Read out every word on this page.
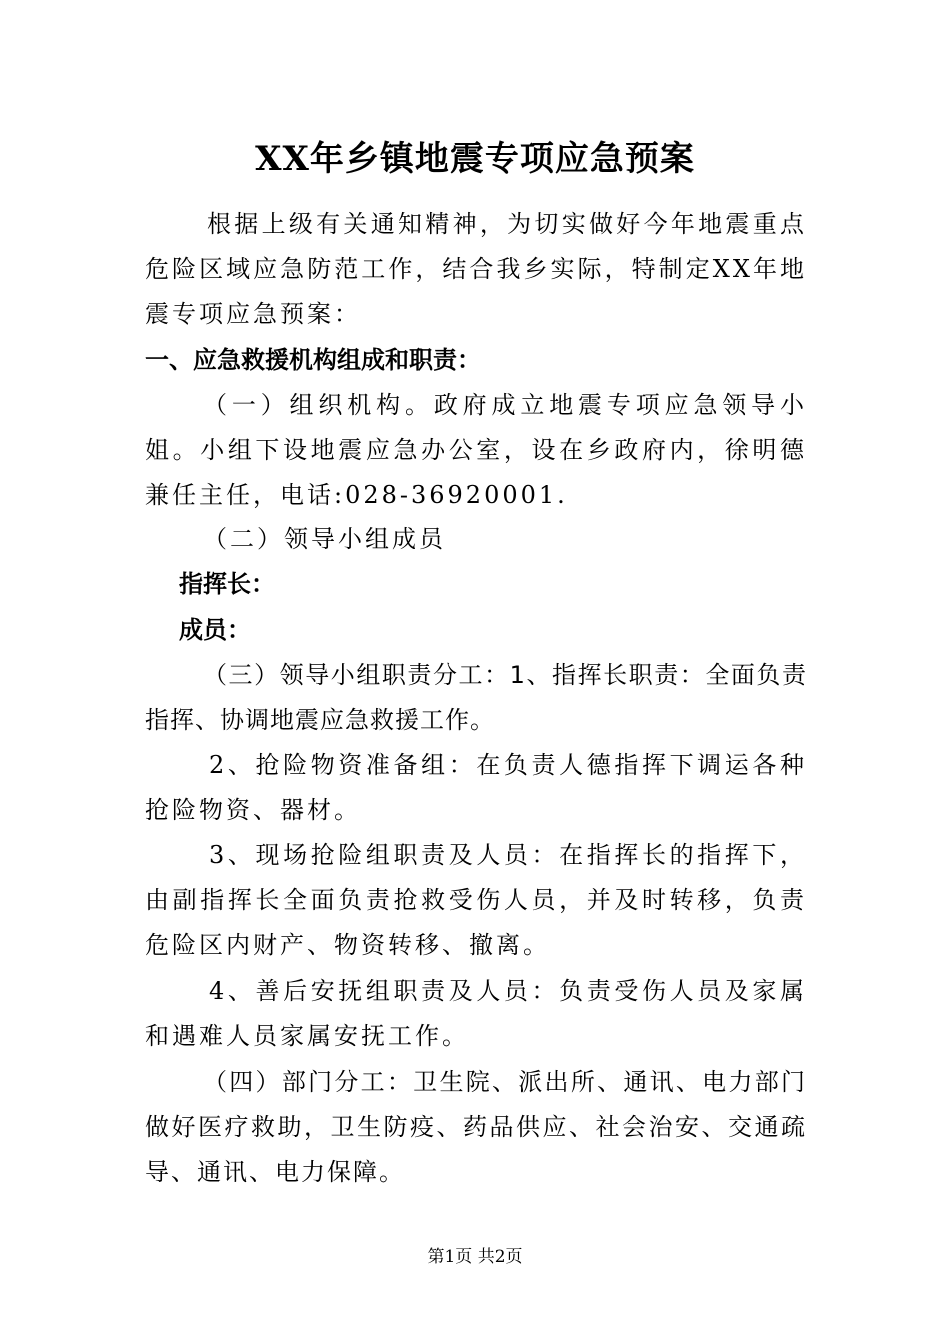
XX年乡镇地震专项应急预案
根据上级有关通知精神，为切实做好今年地震重点危险区域应急防范工作，结合我乡实际，特制定XX年地震专项应急预案：
一、应急救援机构组成和职责：
（一）组织机构。政府成立地震专项应急领导小姐。小组下设地震应急办公室，设在乡政府内，徐明德兼任主任，电话:028-36920001.
（二）领导小组成员
指挥长：
成员：
（三）领导小组职责分工：1、指挥长职责：全面负责指挥、协调地震应急救援工作。
2、抢险物资准备组：在负责人德指挥下调运各种抢险物资、器材。
3、现场抢险组职责及人员：在指挥长的指挥下，由副指挥长全面负责抢救受伤人员，并及时转移，负责危险区内财产、物资转移、撤离。
4、善后安抚组职责及人员：负责受伤人员及家属和遇难人员家属安抚工作。
（四）部门分工：卫生院、派出所、通讯、电力部门做好医疗救助，卫生防疫、药品供应、社会治安、交通疏导、通讯、电力保障。
第1页 共2页
